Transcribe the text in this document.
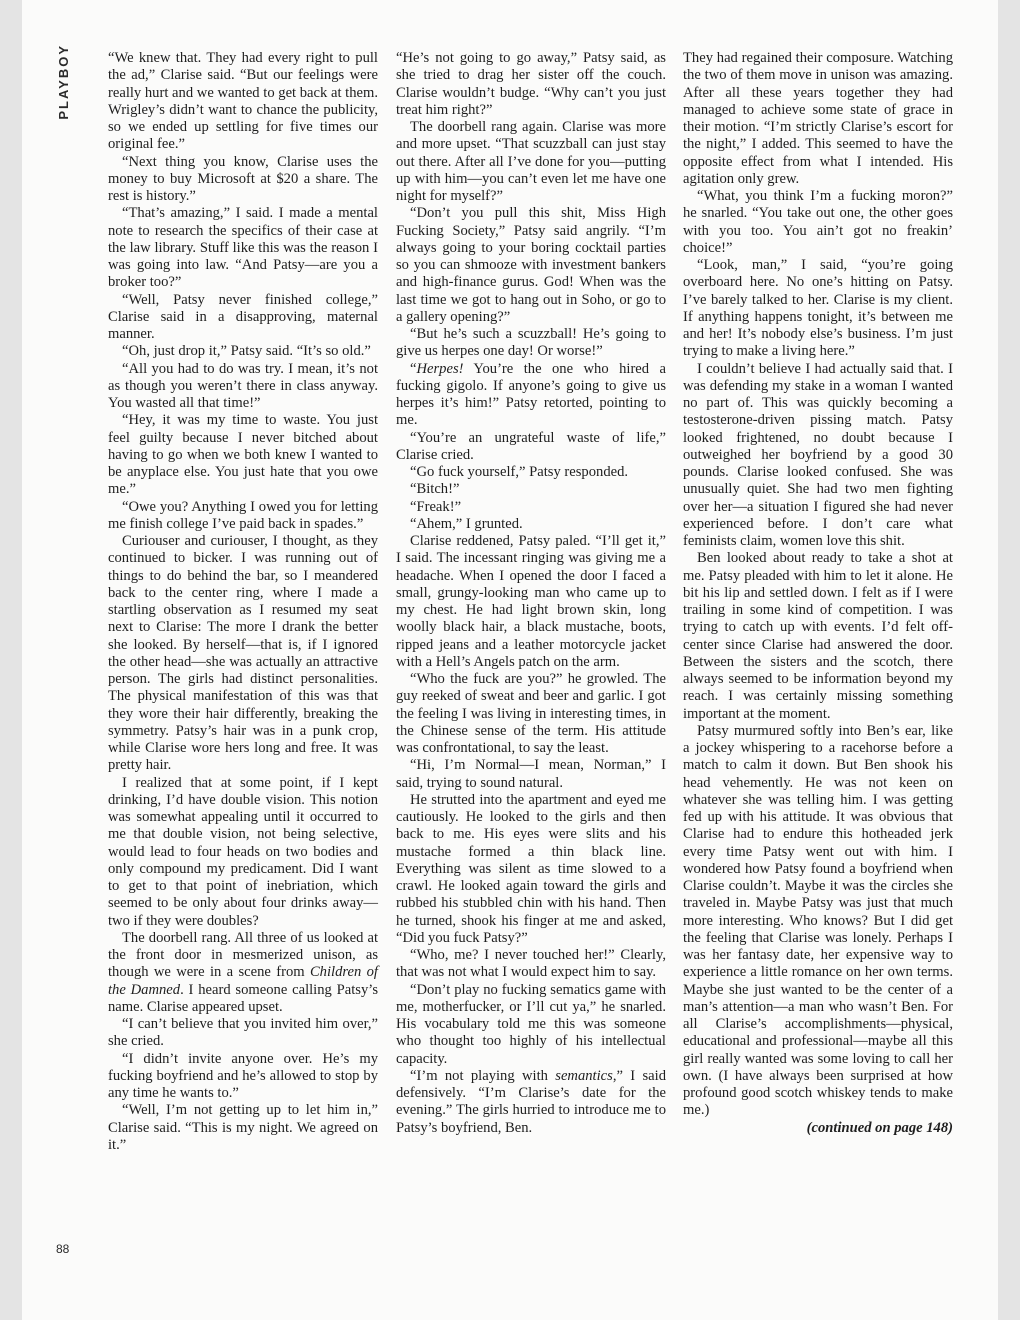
PLAYBOY
88

“We knew that. They had every right to pull the ad,” Clarise said. “But our feelings were really hurt and we wanted to get back at them. Wrigley’s didn’t want to chance the publicity, so we ended up settling for five times our original fee.”

“Next thing you know, Clarise uses the money to buy Microsoft at $20 a share. The rest is history.”

“That’s amazing,” I said. I made a mental note to research the specifics of their case at the law library. Stuff like this was the reason I was going into law. “And Patsy—are you a broker too?”

“Well, Patsy never finished college,” Clarise said in a disapproving, maternal manner.

“Oh, just drop it,” Patsy said. “It’s so old.”

“All you had to do was try. I mean, it’s not as though you weren’t there in class anyway. You wasted all that time!”

“Hey, it was my time to waste. You just feel guilty because I never bitched about having to go when we both knew I wanted to be anyplace else. You just hate that you owe me.”

“Owe you? Anything I owed you for letting me finish college I’ve paid back in spades.”

Curiouser and curiouser, I thought, as they continued to bicker. I was running out of things to do behind the bar, so I meandered back to the center ring, where I made a startling observation as I resumed my seat next to Clarise: The more I drank the better she looked. By herself—that is, if I ignored the other head—she was actually an attractive person. The girls had distinct personalities. The physical manifestation of this was that they wore their hair differently, breaking the symmetry. Patsy’s hair was in a punk crop, while Clarise wore hers long and free. It was pretty hair.

I realized that at some point, if I kept drinking, I’d have double vision. This notion was somewhat appealing until it occurred to me that double vision, not being selective, would lead to four heads on two bodies and only compound my predicament. Did I want to get to that point of inebriation, which seemed to be only about four drinks away—two if they were doubles?

The doorbell rang. All three of us looked at the front door in mesmerized unison, as though we were in a scene from Children of the Damned. I heard someone calling Patsy’s name. Clarise appeared upset.

“I can’t believe that you invited him over,” she cried.

“I didn’t invite anyone over. He’s my fucking boyfriend and he’s allowed to stop by any time he wants to.”

“Well, I’m not getting up to let him in,” Clarise said. “This is my night. We agreed on it.”

“He’s not going to go away,” Patsy said, as she tried to drag her sister off the couch. Clarise wouldn’t budge. “Why can’t you just treat him right?”

The doorbell rang again. Clarise was more and more upset. “That scuzzball can just stay out there. After all I’ve done for you—putting up with him—you can’t even let me have one night for myself?”

“Don’t you pull this shit, Miss High Fucking Society,” Patsy said angrily. “I’m always going to your boring cocktail parties so you can shmooze with investment bankers and high-finance gurus. God! When was the last time we got to hang out in Soho, or go to a gallery opening?”

“But he’s such a scuzzball! He’s going to give us herpes one day! Or worse!”

“Herpes! You’re the one who hired a fucking gigolo. If anyone’s going to give us herpes it’s him!” Patsy retorted, pointing to me.

“You’re an ungrateful waste of life,” Clarise cried.

“Go fuck yourself,” Patsy responded.

“Bitch!”

“Freak!”

“Ahem,” I grunted.

Clarise reddened, Patsy paled. “I’ll get it,” I said. The incessant ringing was giving me a headache. When I opened the door I faced a small, grungy-looking man who came up to my chest. He had light brown skin, long woolly black hair, a black mustache, boots, ripped jeans and a leather motorcycle jacket with a Hell’s Angels patch on the arm.

“Who the fuck are you?” he growled. The guy reeked of sweat and beer and garlic. I got the feeling I was living in interesting times, in the Chinese sense of the term. His attitude was confrontational, to say the least.

“Hi, I’m Normal—I mean, Norman,” I said, trying to sound natural.

He strutted into the apartment and eyed me cautiously. He looked to the girls and then back to me. His eyes were slits and his mustache formed a thin black line. Everything was silent as time slowed to a crawl. He looked again toward the girls and rubbed his stubbled chin with his hand. Then he turned, shook his finger at me and asked, “Did you fuck Patsy?”

“Who, me? I never touched her!” Clearly, that was not what I would expect him to say.

“Don’t play no fucking sematics game with me, motherfucker, or I’ll cut ya,” he snarled. His vocabulary told me this was someone who thought too highly of his intellectual capacity.

“I’m not playing with semantics,” I said defensively. “I’m Clarise’s date for the evening.” The girls hurried to introduce me to Patsy’s boyfriend, Ben.

They had regained their composure. Watching the two of them move in unison was amazing. After all these years together they had managed to achieve some state of grace in their motion. “I’m strictly Clarise’s escort for the night,” I added. This seemed to have the opposite effect from what I intended. His agitation only grew.

“What, you think I’m a fucking moron?” he snarled. “You take out one, the other goes with you too. You ain’t got no freakin’ choice!”

“Look, man,” I said, “you’re going overboard here. No one’s hitting on Patsy. I’ve barely talked to her. Clarise is my client. If anything happens tonight, it’s between me and her! It’s nobody else’s business. I’m just trying to make a living here.”

I couldn’t believe I had actually said that. I was defending my stake in a woman I wanted no part of. This was quickly becoming a testosterone-driven pissing match. Patsy looked frightened, no doubt because I outweighed her boyfriend by a good 30 pounds. Clarise looked confused. She was unusually quiet. She had two men fighting over her—a situation I figured she had never experienced before. I don’t care what feminists claim, women love this shit.

Ben looked about ready to take a shot at me. Patsy pleaded with him to let it alone. He bit his lip and settled down. I felt as if I were trailing in some kind of competition. I was trying to catch up with events. I’d felt off-center since Clarise had answered the door. Between the sisters and the scotch, there always seemed to be information beyond my reach. I was certainly missing something important at the moment.

Patsy murmured softly into Ben’s ear, like a jockey whispering to a racehorse before a match to calm it down. But Ben shook his head vehemently. He was not keen on whatever she was telling him. I was getting fed up with his attitude. It was obvious that Clarise had to endure this hotheaded jerk every time Patsy went out with him. I wondered how Patsy found a boyfriend when Clarise couldn’t. Maybe it was the circles she traveled in. Maybe Patsy was just that much more interesting. Who knows? But I did get the feeling that Clarise was lonely. Perhaps I was her fantasy date, her expensive way to experience a little romance on her own terms. Maybe she just wanted to be the center of a man’s attention—a man who wasn’t Ben. For all Clarise’s accomplishments—physical, educational and professional—maybe all this girl really wanted was some loving to call her own. (I have always been surprised at how profound good scotch whiskey tends to make me.)

(continued on page 148)
